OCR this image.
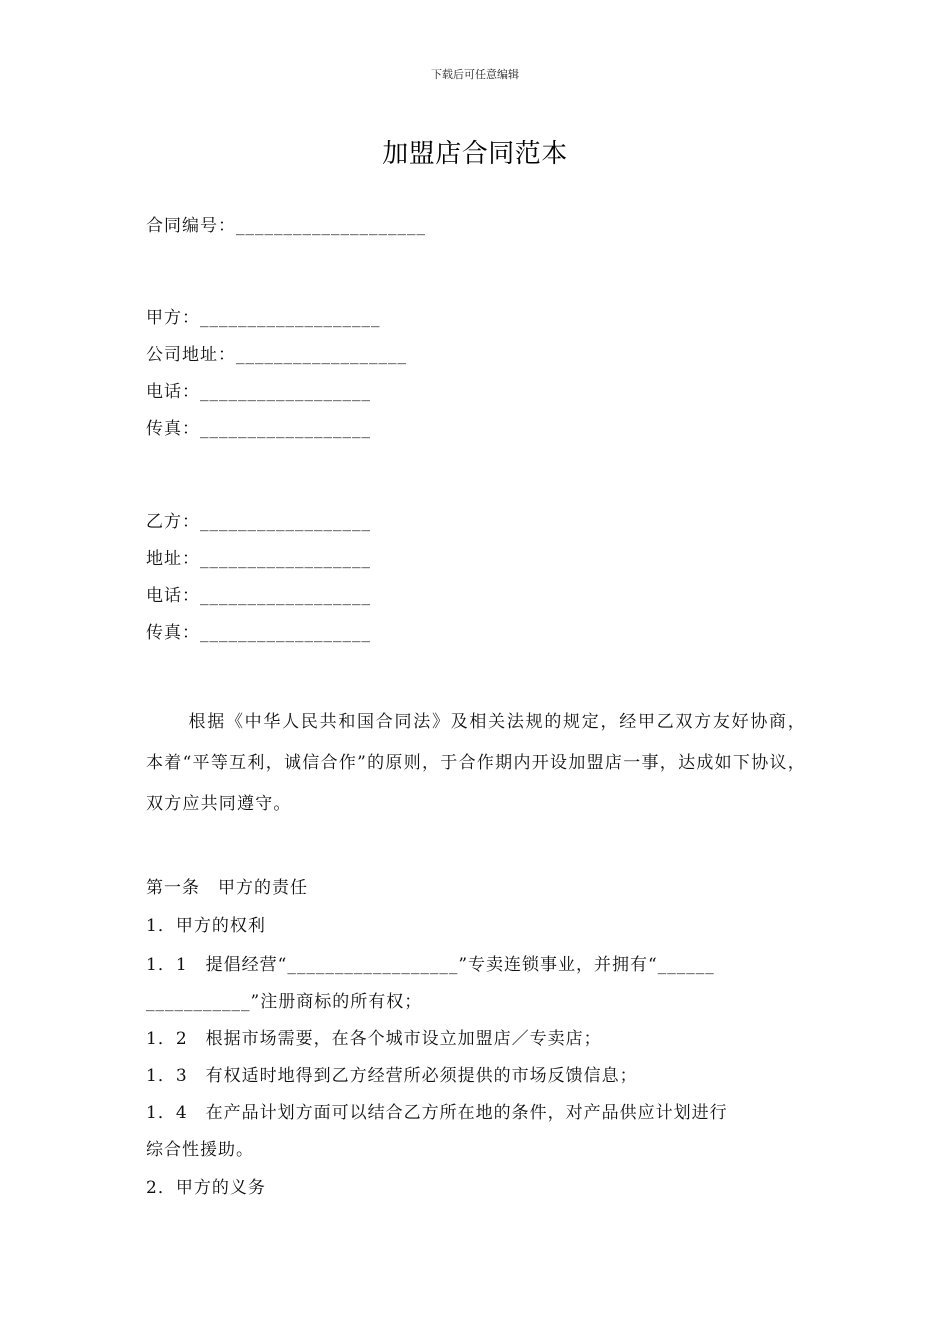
下载后可任意编辑
加盟店合同范本
合同编号：____________________
甲方：___________________
公司地址：__________________
电话：__________________
传真：__________________
乙方：__________________
地址：__________________
电话：__________________
传真：__________________
根据《中华人民共和国合同法》及相关法规的规定，经甲乙双方友好协商，本着“平等互利，诚信合作”的原则，于合作期内开设加盟店一事，达成如下协议，双方应共同遵守。
第一条　甲方的责任
1．甲方的权利
1．1　提倡经营“__________________”专卖连锁事业，并拥有“______
___________”注册商标的所有权；
1．2　根据市场需要，在各个城市设立加盟店／专卖店；
1．3　有权适时地得到乙方经营所必须提供的市场反馈信息；
1．4　在产品计划方面可以结合乙方所在地的条件，对产品供应计划进行
综合性援助。
2．甲方的义务
